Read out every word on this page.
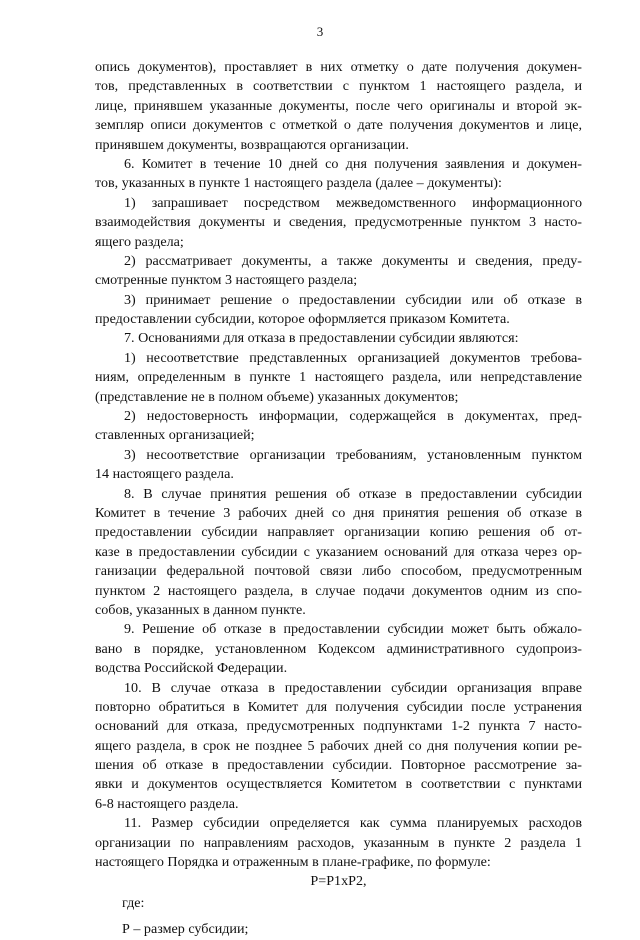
3
опись документов), проставляет в них отметку о дате получения докумен-
тов, представленных в соответствии с пунктом 1 настоящего раздела, и
лице, принявшем указанные документы, после чего оригиналы и второй эк-
земпляр описи документов с отметкой о дате получения документов и лице,
принявшем документы, возвращаются организации.
6. Комитет в течение 10 дней со дня получения заявления и докумен-
тов, указанных в пункте 1 настоящего раздела (далее – документы):
1) запрашивает посредством межведомственного информационного
взаимодействия документы и сведения, предусмотренные пунктом 3 насто-
ящего раздела;
2) рассматривает документы, а также документы и сведения, преду-
смотренные пунктом 3 настоящего раздела;
3) принимает решение о предоставлении субсидии или об отказе в
предоставлении субсидии, которое оформляется приказом Комитета.
7. Основаниями для отказа в предоставлении субсидии являются:
1) несоответствие представленных организацией документов требова-
ниям, определенным в пункте 1 настоящего раздела, или непредставление
(представление не в полном объеме) указанных документов;
2) недостоверность информации, содержащейся в документах, пред-
ставленных организацией;
3) несоответствие организации требованиям, установленным пунктом
14 настоящего раздела.
8. В случае принятия решения об отказе в предоставлении субсидии
Комитет в течение 3 рабочих дней со дня принятия решения об отказе в
предоставлении субсидии направляет организации копию решения об от-
казе в предоставлении субсидии с указанием оснований для отказа через ор-
ганизации федеральной почтовой связи либо способом, предусмотренным
пунктом 2 настоящего раздела, в случае подачи документов одним из спо-
собов, указанных в данном пункте.
9. Решение об отказе в предоставлении субсидии может быть обжало-
вано в порядке, установленном Кодексом административного судопроиз-
водства Российской Федерации.
10. В случае отказа в предоставлении субсидии организация вправе
повторно обратиться в Комитет для получения субсидии после устранения
оснований для отказа, предусмотренных подпунктами 1-2 пункта 7 насто-
ящего раздела, в срок не позднее 5 рабочих дней со дня получения копии ре-
шения об отказе в предоставлении субсидии. Повторное рассмотрение за-
явки и документов осуществляется Комитетом в соответствии с пунктами
6-8 настоящего раздела.
11. Размер субсидии определяется как сумма планируемых расходов
организации по направлениям расходов, указанным в пункте 2 раздела 1
настоящего Порядка и отраженным в плане-графике, по формуле:
Р=Р1хР2,
где:
Р – размер субсидии;
